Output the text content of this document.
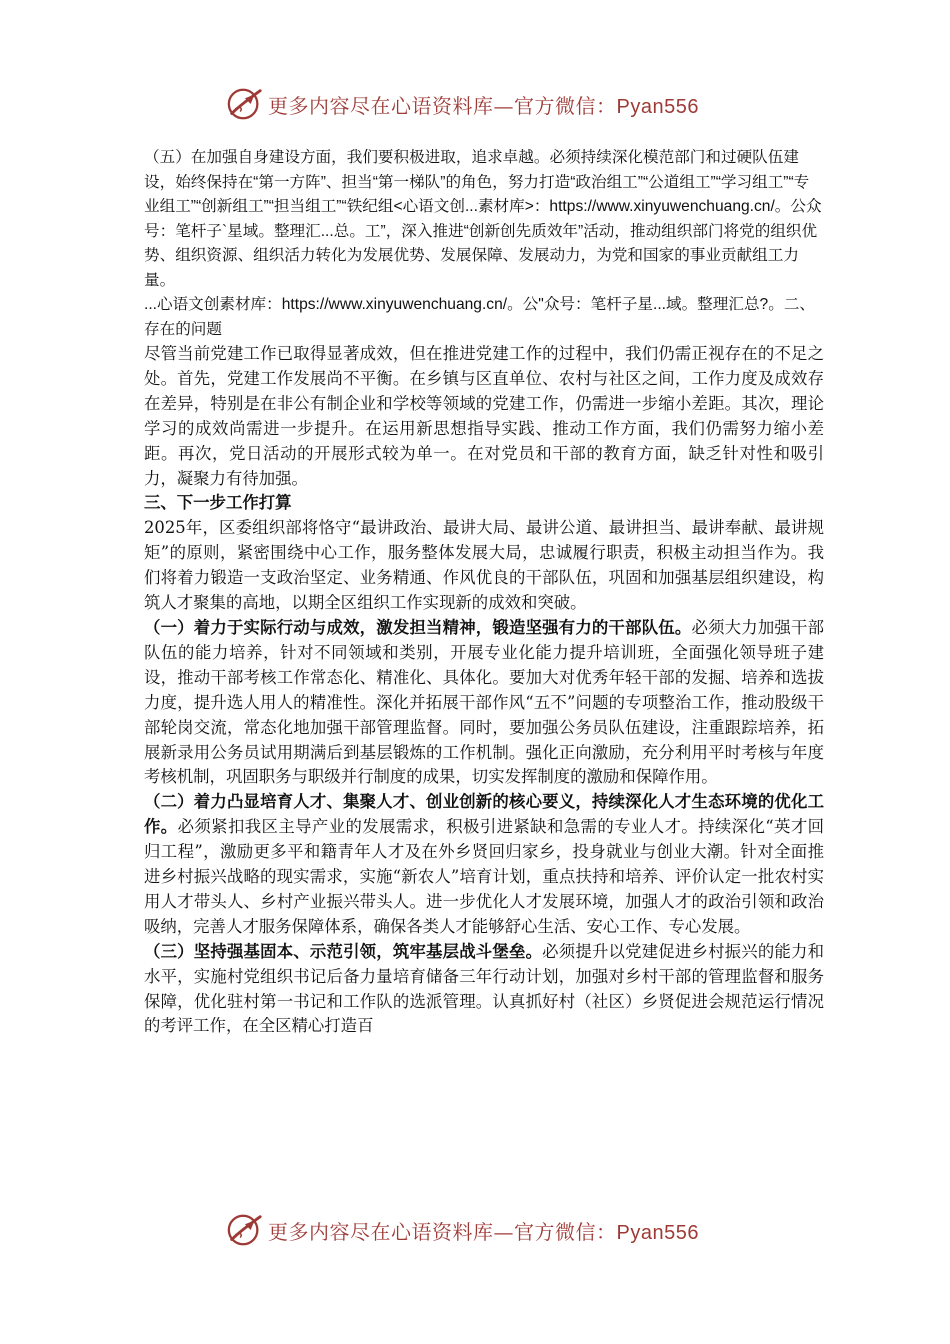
更多内容尽在心语资料库—官方微信：Pyan556

（五）在加强自身建设方面，我们要积极进取，追求卓越。必须持续深化模范部门和过硬队伍建设，始终保持在“第一方阵”、担当“第一梯队”的角色，努力打造“政治组工”“公道组工”“学习组工”“专业组工”“创新组工”“担当组工”“铁纪组<心语文创...素材库>：https://www.xinyuwenchuang.cn/。公众号：笔杆子`星域。整理汇...总。工”，深入推进“创新创先质效年”活动，推动组织部门将党的组织优势、组织资源、组织活力转化为发展优势、发展保障、发展动力，为党和国家的事业贡献组工力量。

...心语文创素材库：https://www.xinyuwenchuang.cn/。公"众号：笔杆子星...域。整理汇总?。二、存在的问题

尽管当前党建工作已取得显著成效，但在推进党建工作的过程中，我们仍需正视存在的不足之处。首先，党建工作发展尚不平衡。在乡镇与区直单位、农村与社区之间，工作力度及成效存在差异，特别是在非公有制企业和学校等领域的党建工作，仍需进一步缩小差距。其次，理论学习的成效尚需进一步提升。在运用新思想指导实践、推动工作方面，我们仍需努力缩小差距。再次，党日活动的开展形式较为单一。在对党员和干部的教育方面，缺乏针对性和吸引力，凝聚力有待加强。

三、下一步工作打算

2025年，区委组织部将恪守“最讲政治、最讲大局、最讲公道、最讲担当、最讲奉献、最讲规矩”的原则，紧密围绕中心工作，服务整体发展大局，忠诚履行职责，积极主动担当作为。我们将着力锻造一支政治坚定、业务精通、作风优良的干部队伍，巩固和加强基层组织建设，构筑人才聚集的高地，以期全区组织工作实现新的成效和突破。

（一）着力于实际行动与成效，激发担当精神，锻造坚强有力的干部队伍。必须大力加强干部队伍的能力培养，针对不同领域和类别，开展专业化能力提升培训班，全面强化领导班子建设，推动干部考核工作常态化、精准化、具体化。要加大对优秀年轻干部的发掘、培养和选拔力度，提升选人用人的精准性。深化并拓展干部作风“五不”问题的专项整治工作，推动股级干部轮岗交流，常态化地加强干部管理监督。同时，要加强公务员队伍建设，注重跟踪培养，拓展新录用公务员试用期满后到基层锻炼的工作机制。强化正向激励，充分利用平时考核与年度考核机制，巩固职务与职级并行制度的成果，切实发挥制度的激励和保障作用。

（二）着力凸显培育人才、集聚人才、创业创新的核心要义，持续深化人才生态环境的优化工作。必须紧扣我区主导产业的发展需求，积极引进紧缺和急需的专业人才。持续深化“英才回归工程”，激励更多平和籍青年人才及在外乡贤回归家乡，投身就业与创业大潮。针对全面推进乡村振兴战略的现实需求，实施“新农人”培育计划，重点扶持和培养、评价认定一批农村实用人才带头人、乡村产业振兴带头人。进一步优化人才发展环境，加强人才的政治引领和政治吸纳，完善人才服务保障体系，确保各类人才能够舒心生活、安心工作、专心发展。

（三）坚持强基固本、示范引领，筑牢基层战斗堡垒。必须提升以党建促进乡村振兴的能力和水平，实施村党组织书记后备力量培育储备三年行动计划，加强对乡村干部的管理监督和服务保障，优化驻村第一书记和工作队的选派管理。认真抓好村（社区）乡贤促进会规范运行情况的考评工作，在全区精心打造百

更多内容尽在心语资料库—官方微信：Pyan556
